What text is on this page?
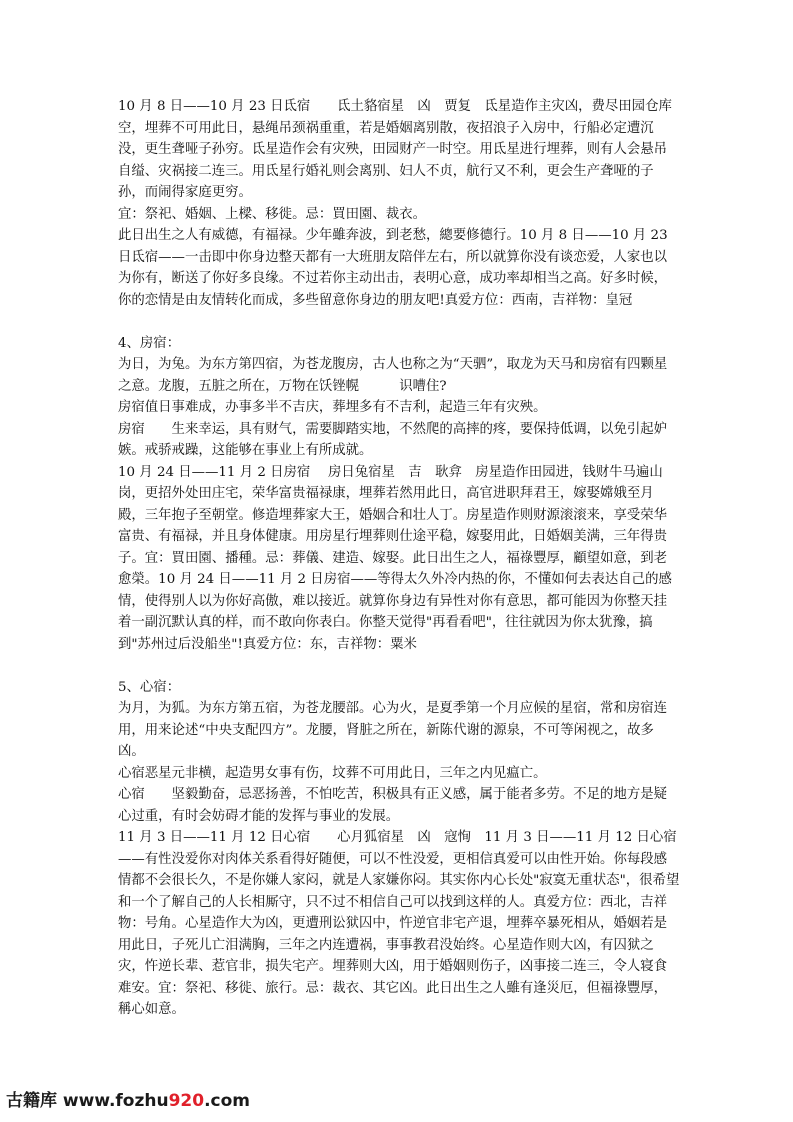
10 月 8 日——10 月 23 日氐宿　　氐土貉宿星　凶　贾复　氐星造作主灾凶，费尽田园仓库空，埋葬不可用此日，悬绳吊颈祸重重，若是婚姻离别散，夜招浪子入房中，行船必定遭沉没，更生聋哑子孙穷。氐星造作会有灾殃，田园财产一时空。用氐星进行埋葬，则有人会悬吊自缢、灾祸接二连三。用氐星行婚礼则会离别、妇人不贞，航行又不利，更会生产聋哑的子孙，而闹得家庭更穷。

宜：祭祀、婚姻、上樑、移徙。忌：買田園、裁衣。

此日出生之人有威德，有福禄。少年雖奔波，到老愁，總要修德行。10 月 8 日——10 月 23 日氐宿——一击即中你身边整天都有一大班朋友陪伴左右，所以就算你没有谈恋爱，人家也以为你有，断送了你好多良缘。不过若你主动出击，表明心意，成功率却相当之高。好多时候，你的恋情是由友情转化而成，多些留意你身边的朋友吧!真爱方位：西南，吉祥物：皇冠

4、房宿：

为日，为兔。为东方第四宿，为苍龙腹房，古人也称之为“天驷”，取龙为天马和房宿有四颗星之意。龙腹，五脏之所在，万物在饫锉幌　　　识嘈住?

房宿值日事难成，办事多半不吉庆，葬埋多有不吉利，起造三年有灾殃。

房宿　　生来幸运，具有财气，需要脚踏实地，不然爬的高摔的疼，要保持低调，以免引起妒嫉。戒骄戒躁，这能够在事业上有所成就。

10 月 24 日——11 月 2 日房宿　 房日兔宿星　吉　耿弇　房星造作田园进，钱财牛马遍山岗，更招外处田庄宅，荣华富贵福禄康，埋葬若然用此日，高官进职拜君王，嫁娶嫦娥至月殿，三年抱子至朝堂。修造埋葬家大王，婚姻合和壮人丁。房星造作则财源滚滚来，享受荣华富贵、有福禄，并且身体健康。用房星行埋葬则仕途平稳，嫁娶用此，日婚姻美满，三年得贵子。宜：買田園、播種。忌：葬儀、建造、嫁娶。此日出生之人，福祿豐厚，顧望如意，到老愈榮。10 月 24 日——11 月 2 日房宿——等得太久外冷内热的你，不懂如何去表达自己的感情，使得别人以为你好高傲，难以接近。就算你身边有异性对你有意思，都可能因为你整天挂着一副沉默认真的样，而不敢向你表白。你整天觉得"再看看吧"，往往就因为你太犹豫，搞到"苏州过后没船坐"!真爱方位：东，吉祥物：粟米

5、心宿：

为月，为狐。为东方第五宿，为苍龙腰部。心为火，是夏季第一个月应候的星宿，常和房宿连用，用来论述“中央支配四方”。龙腰，肾脏之所在，新陈代谢的源泉，不可等闲视之，故多凶。

心宿恶星元非横，起造男女事有伤，坟葬不可用此日，三年之内见瘟亡。

心宿　　坚毅勤奋，忌恶扬善，不怕吃苦，积极具有正义感，属于能者多劳。不足的地方是疑心过重，有时会妨碍才能的发挥与事业的发展。

11 月 3 日——11 月 12 日心宿　　心月狐宿星　凶　寇恂　11 月 3 日——11 月 12 日心宿——有性没爱你对肉体关系看得好随便，可以不性没爱，更相信真爱可以由性开始。你每段感情都不会很长久，不是你嫌人家闷，就是人家嫌你闷。其实你内心长处"寂寞无重状态"，很希望和一个了解自己的人长相厮守，只不过不相信自己可以找到这样的人。真爱方位：西北，吉祥物：号角。心星造作大为凶，更遭刑讼狱囚中，忤逆官非宅产退，埋葬卒暴死相从，婚姻若是用此日，子死儿亡泪满胸，三年之内连遭祸，事事教君没始终。心星造作则大凶，有囚狱之灾，忤逆长辈、惹官非，损失宅产。埋葬则大凶，用于婚姻则伤子，凶事接二连三，令人寝食难安。宜：祭祀、移徙、旅行。忌：裁衣、其它凶。此日出生之人雖有逢災厄，但福祿豐厚，稱心如意。

古籍库 www.fozhu920.com
